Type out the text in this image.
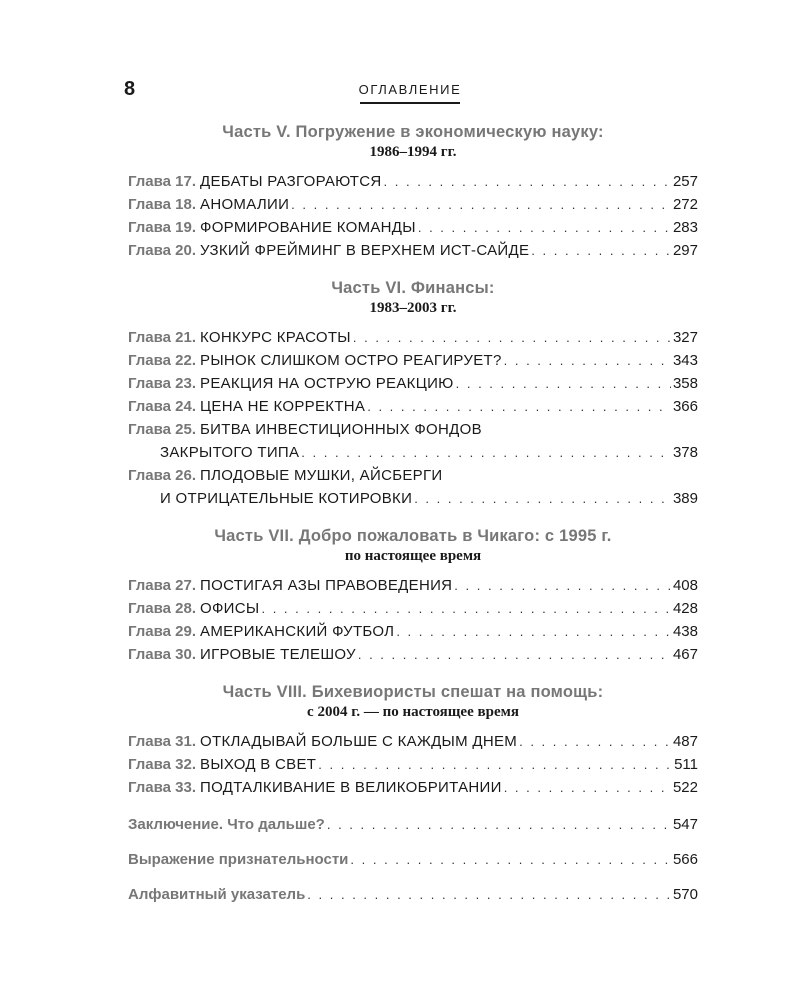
8	ОГЛАВЛЕНИЕ
Часть V. Погружение в экономическую науку:
1986–1994 гг.
Глава 17. ДЕБАТЫ РАЗГОРАЮТСЯ . . .	257
Глава 18. АНОМАЛИИ . . .	272
Глава 19. ФОРМИРОВАНИЕ КОМАНДЫ . . .	283
Глава 20. УЗКИЙ ФРЕЙМИНГ В ВЕРХНЕМ ИСТ-САЙДЕ . . .	297
Часть VI. Финансы:
1983–2003 гг.
Глава 21. КОНКУРС КРАСОТЫ . . .	327
Глава 22. РЫНОК СЛИШКОМ ОСТРО РЕАГИРУЕТ? . . .	343
Глава 23. РЕАКЦИЯ НА ОСТРУЮ РЕАКЦИЮ . . .	358
Глава 24. ЦЕНА НЕ КОРРЕКТНА . . .	366
Глава 25. БИТВА ИНВЕСТИЦИОННЫХ ФОНДОВ
ЗАКРЫТОГО ТИПА . . .	378
Глава 26. ПЛОДОВЫЕ МУШКИ, АЙСБЕРГИ
И ОТРИЦАТЕЛЬНЫЕ КОТИРОВКИ . . .	389
Часть VII. Добро пожаловать в Чикаго: с 1995 г.
по настоящее время
Глава 27. ПОСТИГАЯ АЗЫ ПРАВОВЕДЕНИЯ . . .	408
Глава 28. ОФИСЫ . . .	428
Глава 29. АМЕРИКАНСКИЙ ФУТБОЛ . . .	438
Глава 30. ИГРОВЫЕ ТЕЛЕШОУ . . .	467
Часть VIII. Бихевиористы спешат на помощь:
с 2004 г. — по настоящее время
Глава 31. ОТКЛАДЫВАЙ БОЛЬШЕ С КАЖДЫМ ДНЕМ . . .	487
Глава 32. ВЫХОД В СВЕТ . . .	511
Глава 33. ПОДТАЛКИВАНИЕ В ВЕЛИКОБРИТАНИИ . . .	522
Заключение. Что дальше? . . .	547
Выражение признательности . . .	566
Алфавитный указатель . . .	570
